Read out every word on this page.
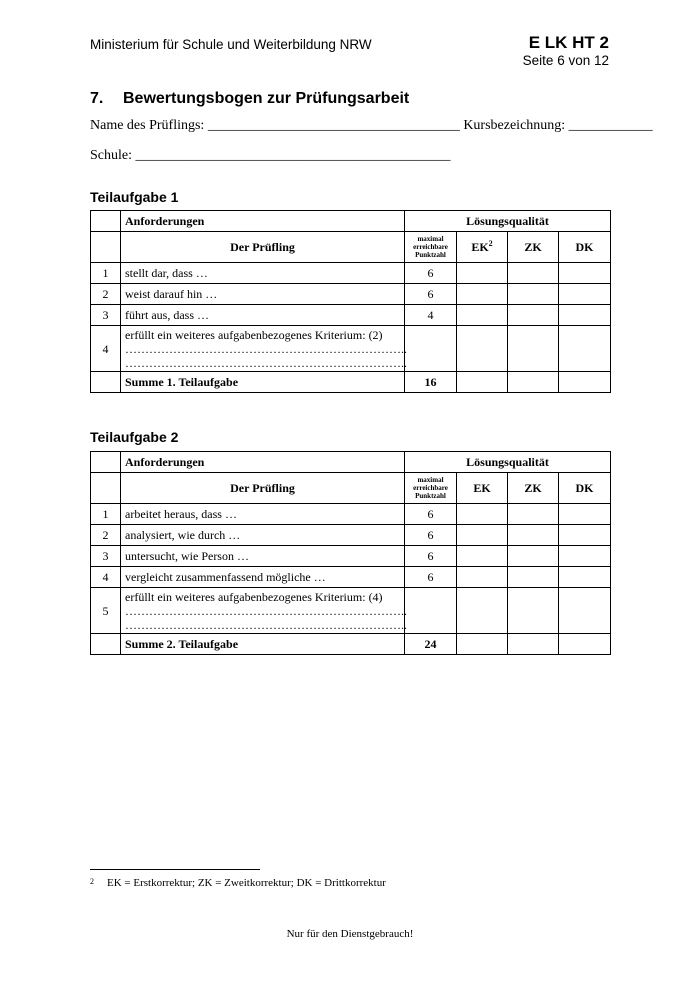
Ministerium für Schule und Weiterbildung NRW	E LK HT 2
Seite 6 von 12
7. Bewertungsbogen zur Prüfungsarbeit
Name des Prüflings: ____________________________________ Kursbezeichnung: ____________
Schule: _____________________________________________
Teilaufgabe 1
	Anforderungen	Lösungsqualität			
	Der Prüfling	maximal erreichbare Punktzahl	$EK^2$	ZK	DK
1	stellt dar, dass …	6			
2	weist darauf hin …	6			
3	führt aus, dass …	4			
4	erfüllt ein weiteres aufgabenbezogenes Kriterium: (2)
……………………………………………………………..
……………………………………………………………..				

	Summe 1. Teilaufgabe	16			
Teilaufgabe 2
	Anforderungen	Lösungsqualität			
	Der Prüfling	maximal erreichbare Punktzahl	EK	ZK	DK
1	arbeitet heraus, dass …	6			
2	analysiert, wie durch …	6			
3	untersucht, wie Person …	6			
4	vergleicht zusammenfassend mögliche …	6			
5	erfüllt ein weiteres aufgabenbezogenes Kriterium: (4)
……………………………………………………………..
……………………………………………………………..				

	Summe 2. Teilaufgabe	24			
2 EK = Erstkorrektur; ZK = Zweitkorrektur; DK = Drittkorrektur
Nur für den Dienstgebrauch!
